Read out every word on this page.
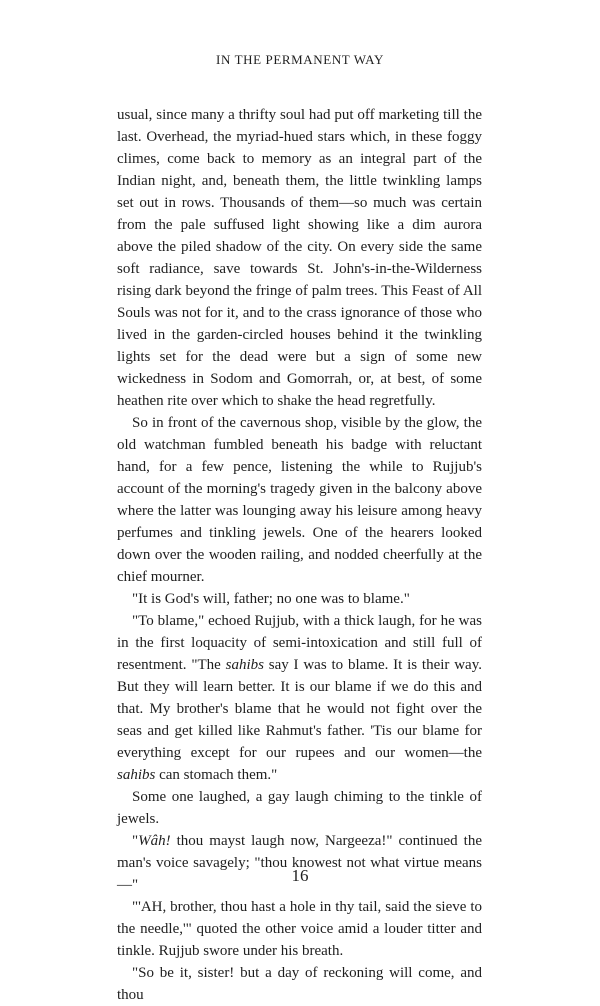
IN THE PERMANENT WAY

usual, since many a thrifty soul had put off marketing till the last. Overhead, the myriad-hued stars which, in these foggy climes, come back to memory as an integral part of the Indian night, and, beneath them, the little twinkling lamps set out in rows. Thousands of them—so much was certain from the pale suffused light showing like a dim aurora above the piled shadow of the city. On every side the same soft radiance, save towards St. John's-in-the-Wilderness rising dark beyond the fringe of palm trees. This Feast of All Souls was not for it, and to the crass ignorance of those who lived in the garden-circled houses behind it the twinkling lights set for the dead were but a sign of some new wickedness in Sodom and Gomorrah, or, at best, of some heathen rite over which to shake the head regretfully.

So in front of the cavernous shop, visible by the glow, the old watchman fumbled beneath his badge with reluctant hand, for a few pence, listening the while to Rujjub's account of the morning's tragedy given in the balcony above where the latter was lounging away his leisure among heavy perfumes and tinkling jewels. One of the hearers looked down over the wooden railing, and nodded cheerfully at the chief mourner.

"It is God's will, father; no one was to blame."

"To blame," echoed Rujjub, with a thick laugh, for he was in the first loquacity of semi-intoxication and still full of resentment. "The sahibs say I was to blame. It is their way. But they will learn better. It is our blame if we do this and that. My brother's blame that he would not fight over the seas and get killed like Rahmut's father. 'Tis our blame for everything except for our rupees and our women—the sahibs can stomach them."

Some one laughed, a gay laugh chiming to the tinkle of jewels.

"Wâh! thou mayst laugh now, Nargeeza!" continued the man's voice savagely; "thou knowest not what virtue means—"

"'AH, brother, thou hast a hole in thy tail, said the sieve to the needle,'" quoted the other voice amid a louder titter and tinkle. Rujjub swore under his breath.

"So be it, sister! but a day of reckoning will come, and thou

16
